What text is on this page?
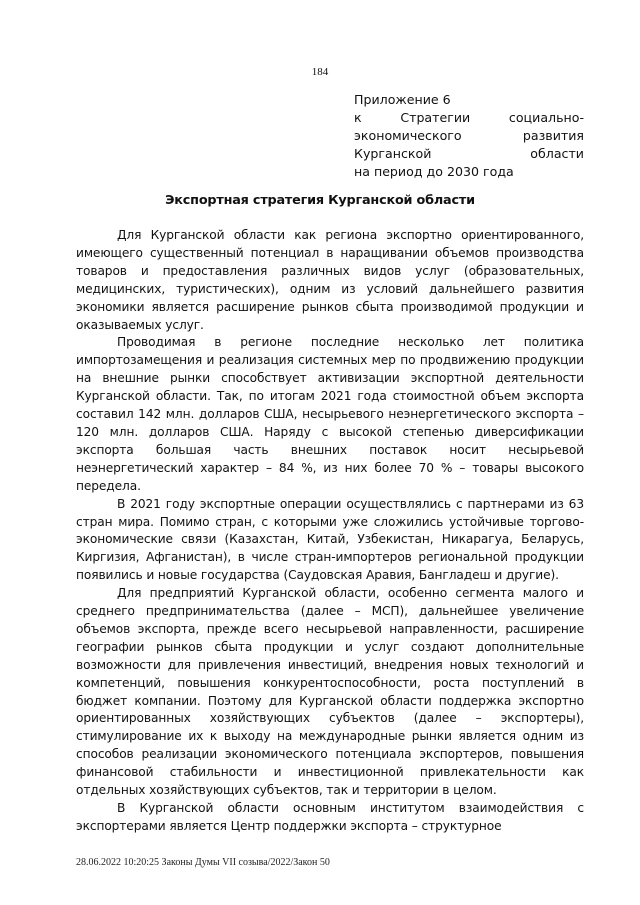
184
Приложение 6
к Стратегии социально-
экономического развития
Курганской области
на период до 2030 года
Экспортная стратегия Курганской области

Для Курганской области как региона экспортно ориентированного, имеющего существенный потенциал в наращивании объемов производства товаров и предоставления различных видов услуг (образовательных, медицинских, туристических), одним из условий дальнейшего развития экономики является расширение рынков сбыта производимой продукции и оказываемых услуг.

Проводимая в регионе последние несколько лет политика импортозамещения и реализация системных мер по продвижению продукции на внешние рынки способствует активизации экспортной деятельности Курганской области. Так, по итогам 2021 года стоимостной объем экспорта составил 142 млн. долларов США, несырьевого неэнергетического экспорта – 120 млн. долларов США. Наряду с высокой степенью диверсификации экспорта большая часть внешних поставок носит несырьевой неэнергетический характер – 84 %, из них более 70 % – товары высокого передела.

В 2021 году экспортные операции осуществлялись с партнерами из 63 стран мира. Помимо стран, с которыми уже сложились устойчивые торгово-экономические связи (Казахстан, Китай, Узбекистан, Никарагуа, Беларусь, Киргизия, Афганистан), в числе стран-импортеров региональной продукции появились и новые государства (Саудовская Аравия, Бангладеш и другие).

Для предприятий Курганской области, особенно сегмента малого и среднего предпринимательства (далее – МСП), дальнейшее увеличение объемов экспорта, прежде всего несырьевой направленности, расширение географии рынков сбыта продукции и услуг создают дополнительные возможности для привлечения инвестиций, внедрения новых технологий и компетенций, повышения конкурентоспособности, роста поступлений в бюджет компании. Поэтому для Курганской области поддержка экспортно ориентированных хозяйствующих субъектов (далее – экспортеры), стимулирование их к выходу на международные рынки является одним из способов реализации экономического потенциала экспортеров, повышения финансовой стабильности и инвестиционной привлекательности как отдельных хозяйствующих субъектов, так и территории в целом.

В Курганской области основным институтом взаимодействия с экспортерами является Центр поддержки экспорта – структурное

28.06.2022 10:20:25 Законы Думы VII созыва/2022/Закон 50
